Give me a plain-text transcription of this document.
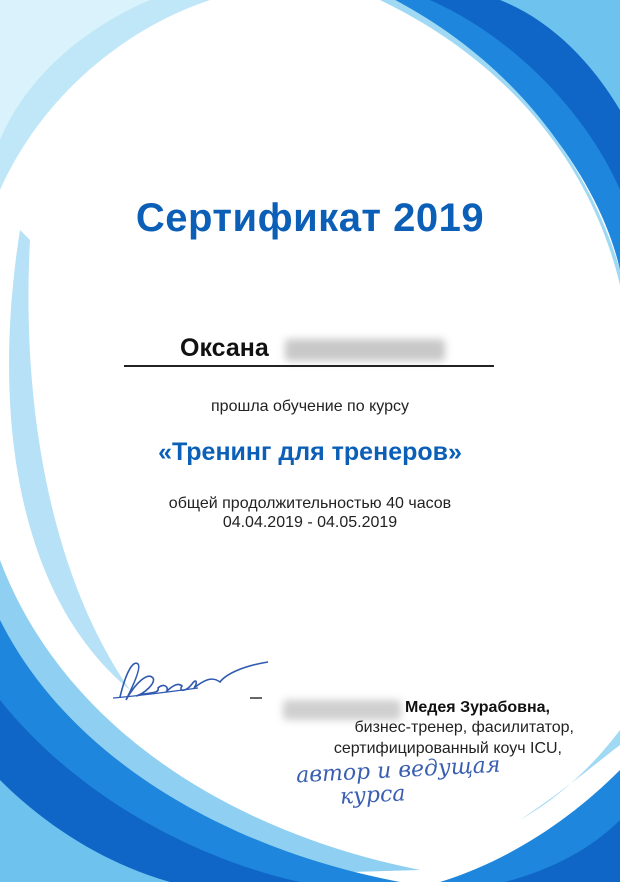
Сертификат 2019
Оксана
прошла обучение по курсу
«Тренинг для тренеров»
общей продолжительностью 40 часов
04.04.2019 - 04.05.2019
Медея Зурабовна,
бизнес-тренер, фасилитатор,
сертифицированный коуч ICU,
автор и ведущая
курса
